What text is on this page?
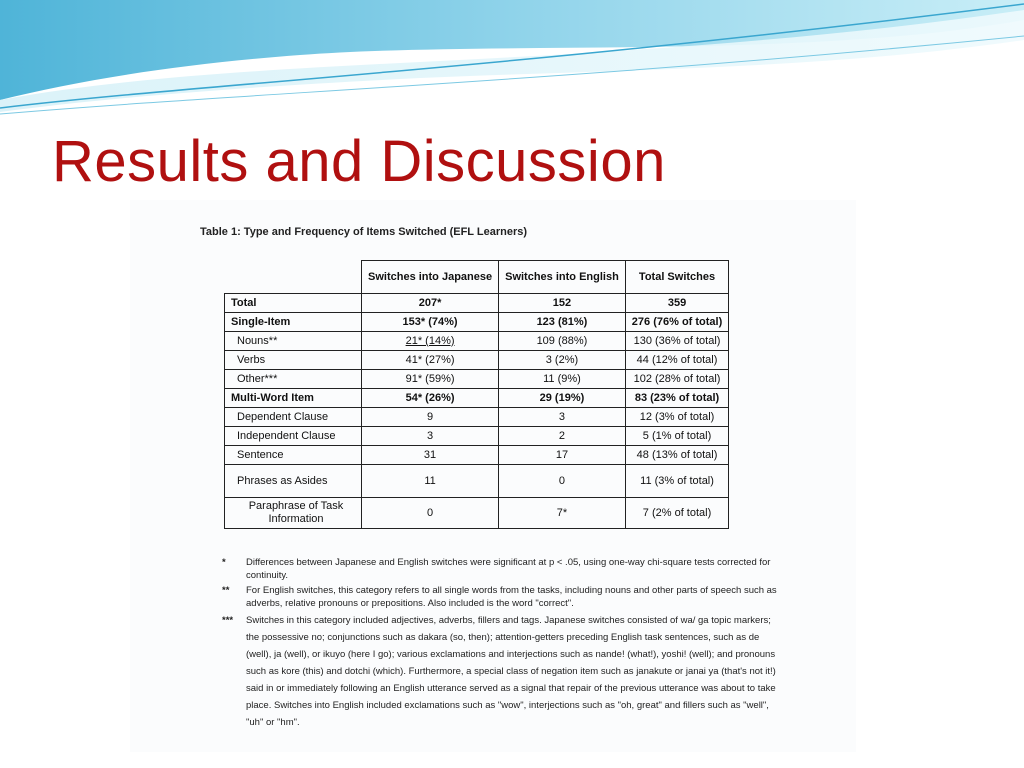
Results and Discussion
Table 1: Type and Frequency of Items Switched (EFL Learners)
	Switches into Japanese	Switches into English	Total Switches
Total	207*	152	359
Single-Item	153* (74%)	123 (81%)	276 (76% of total)
Nouns**	21* (14%)	109 (88%)	130 (36% of total)
Verbs	41* (27%)	3 (2%)	44 (12% of total)
Other***	91* (59%)	11 (9%)	102 (28% of total)
Multi-Word Item	54* (26%)	29 (19%)	83 (23% of total)
Dependent Clause	9	3	12 (3% of total)
Independent Clause	3	2	5 (1% of total)
Sentence	31	17	48 (13% of total)
Phrases as Asides	11	0	11 (3% of total)
Paraphrase of Task Information	0	7*	7 (2% of total)
* Differences between Japanese and English switches were significant at p < .05, using one-way chi-square tests corrected for continuity.
** For English switches, this category refers to all single words from the tasks, including nouns and other parts of speech such as adverbs, relative pronouns or prepositions. Also included is the word "correct".
*** Switches in this category included adjectives, adverbs, fillers and tags. Japanese switches consisted of wa/ ga topic markers; the possessive no; conjunctions such as dakara (so, then); attention-getters preceding English task sentences, such as de (well), ja (well), or ikuyo (here I go); various exclamations and interjections such as nande! (what!), yoshi! (well); and pronouns such as kore (this) and dotchi (which). Furthermore, a special class of negation item such as janakute or janai ya (that's not it!) said in or immediately following an English utterance served as a signal that repair of the previous utterance was about to take place. Switches into English included exclamations such as "wow", interjections such as "oh, great" and fillers such as "well", "uh" or "hm".
